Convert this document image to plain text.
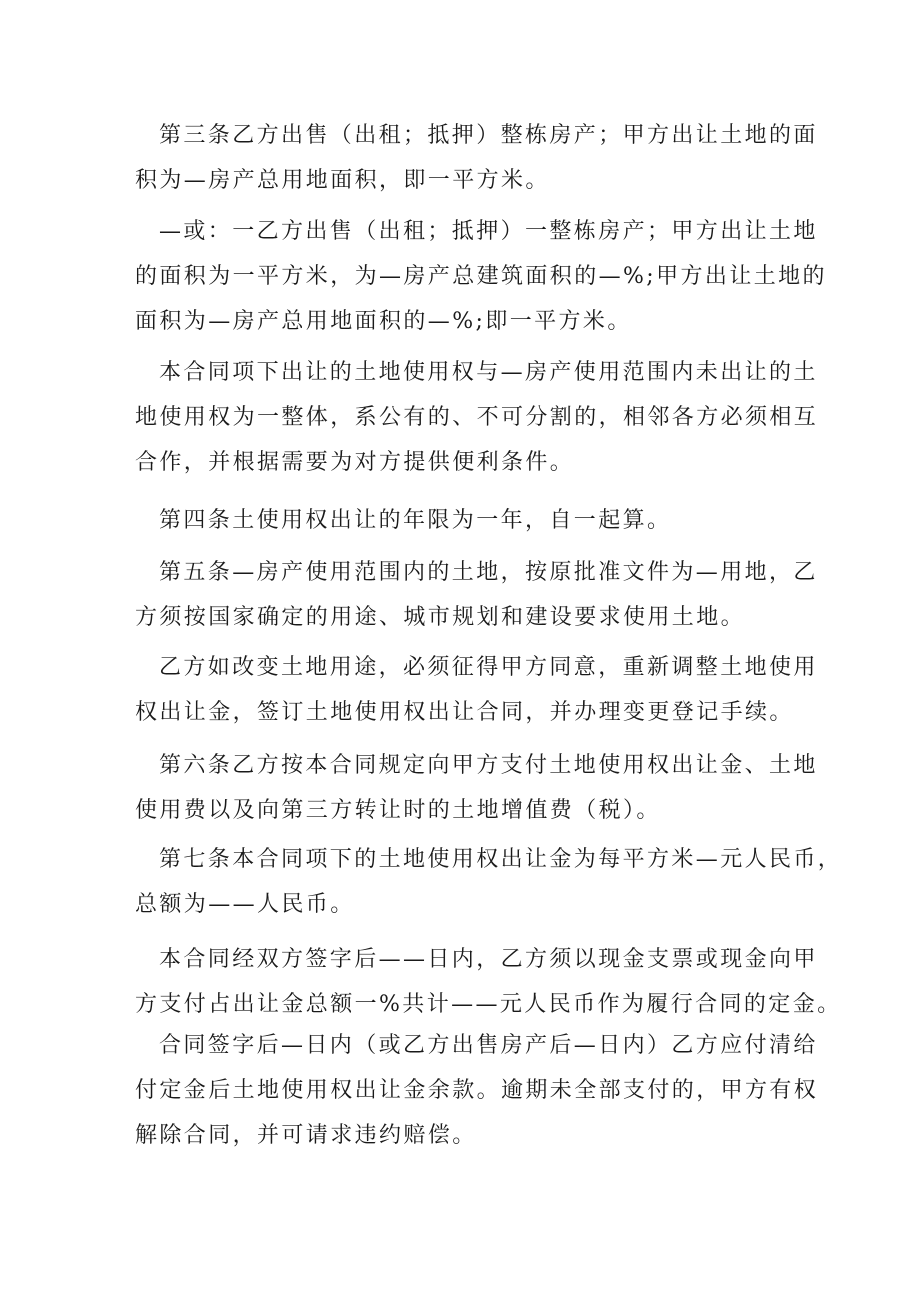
第三条乙方出售（出租；抵押）整栋房产；甲方出让土地的面
积为—房产总用地面积，即一平方米。
—或：一乙方出售（出租；抵押）一整栋房产；甲方出让土地
的面积为一平方米，为—房产总建筑面积的—%;甲方出让土地的
面积为—房产总用地面积的—%;即一平方米。
本合同项下出让的土地使用权与—房产使用范围内未出让的土
地使用权为一整体，系公有的、不可分割的，相邻各方必须相互
合作，并根据需要为对方提供便利条件。
第四条土使用权出让的年限为一年，自一起算。
第五条—房产使用范围内的土地，按原批准文件为—用地，乙
方须按国家确定的用途、城市规划和建设要求使用土地。
乙方如改变土地用途，必须征得甲方同意，重新调整土地使用
权出让金，签订土地使用权出让合同，并办理变更登记手续。
第六条乙方按本合同规定向甲方支付土地使用权出让金、土地
使用费以及向第三方转让时的土地增值费（税）。
第七条本合同项下的土地使用权出让金为每平方米—元人民币，
总额为——人民币。
本合同经双方签字后——日内，乙方须以现金支票或现金向甲
方支付占出让金总额一%共计——元人民币作为履行合同的定金。
合同签字后—日内（或乙方出售房产后—日内）乙方应付清给
付定金后土地使用权出让金余款。逾期未全部支付的，甲方有权
解除合同，并可请求违约赔偿。
